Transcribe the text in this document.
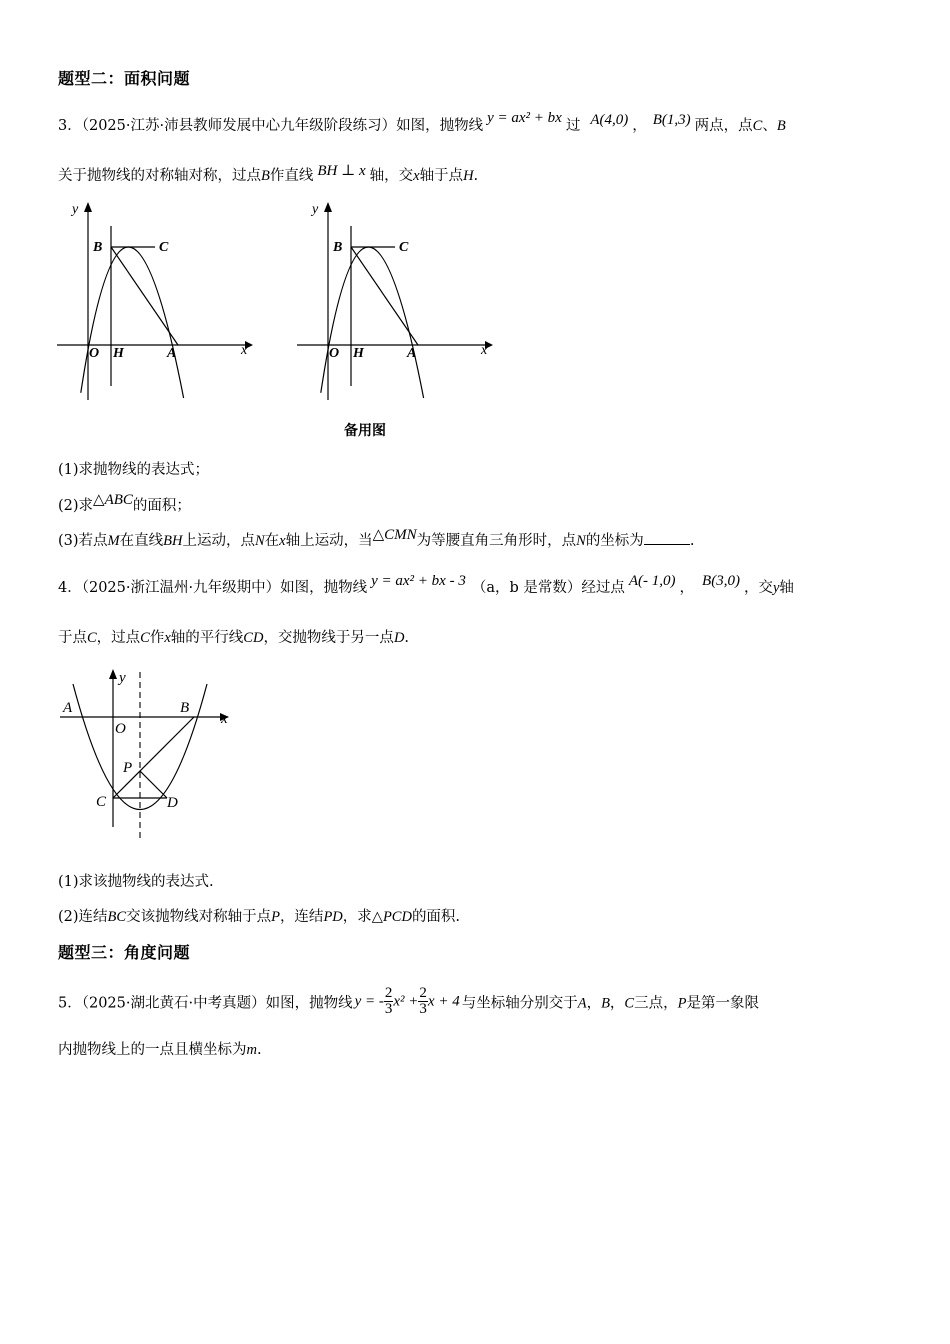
题型二：面积问题
3．（2025·江苏·沛县教师发展中心九年级阶段练习）如图，抛物线 y = ax² + bx 过 A(4,0) ， B(1,3) 两点，点C、B
关于抛物线的对称轴对称，过点B作直线 BH ⊥ x 轴，交x轴于点H.
y
x
B	C
O H	A
y
x
B	C
O H	A
备用图
(1)求抛物线的表达式；
(2)求△ABC的面积；
(3)若点M在直线BH上运动，点N在x轴上运动，当△CMN为等腰直角三角形时，点N的坐标为	.
4．（2025·浙江温州·九年级期中）如图，抛物线 y = ax² + bx - 3 （a，b 是常数）经过点 A(- 1,0) ， B(3,0) ，交y轴
于点C，过点C作x轴的平行线CD，交抛物线于另一点D.
A
y
B
x
O
P
C	D
(1)求该抛物线的表达式.
(2)连结BC交该抛物线对称轴于点P，连结PD，求△PCD的面积.
题型三：角度问题
5．（2025·湖北黄石·中考真题）如图，抛物线 y = - $\frac{2}{3} x^2 + \frac{2}{3}$ x + 4 与坐标轴分别交于A，B，C三点，P是第一象限
内抛物线上的一点且横坐标为m.
